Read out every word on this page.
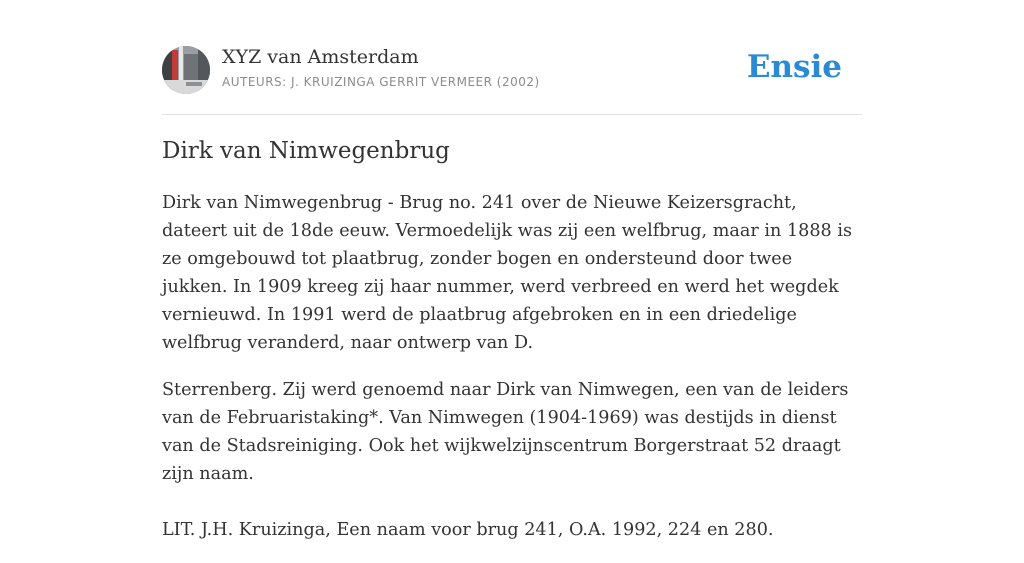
XYZ van Amsterdam
AUTEURS: J. KRUIZINGA GERRIT VERMEER (2002)	Ensie
Dirk van Nimwegenbrug

Dirk van Nimwegenbrug - Brug no. 241 over de Nieuwe Keizersgracht, dateert uit de 18de eeuw. Vermoedelijk was zij een welfbrug, maar in 1888 is ze omgebouwd tot plaatbrug, zonder bogen en ondersteund door twee jukken. In 1909 kreeg zij haar nummer, werd verbreed en werd het wegdek vernieuwd. In 1991 werd de plaatbrug afgebroken en in een driedelige welfbrug veranderd, naar ontwerp van D.

Sterrenberg. Zij werd genoemd naar Dirk van Nimwegen, een van de leiders van de Februaristaking*. Van Nimwegen (1904-1969) was destijds in dienst van de Stadsreiniging. Ook het wijkwelzijnscentrum Borgerstraat 52 draagt zijn naam.

LIT. J.H. Kruizinga, Een naam voor brug 241, O.A. 1992, 224 en 280.
